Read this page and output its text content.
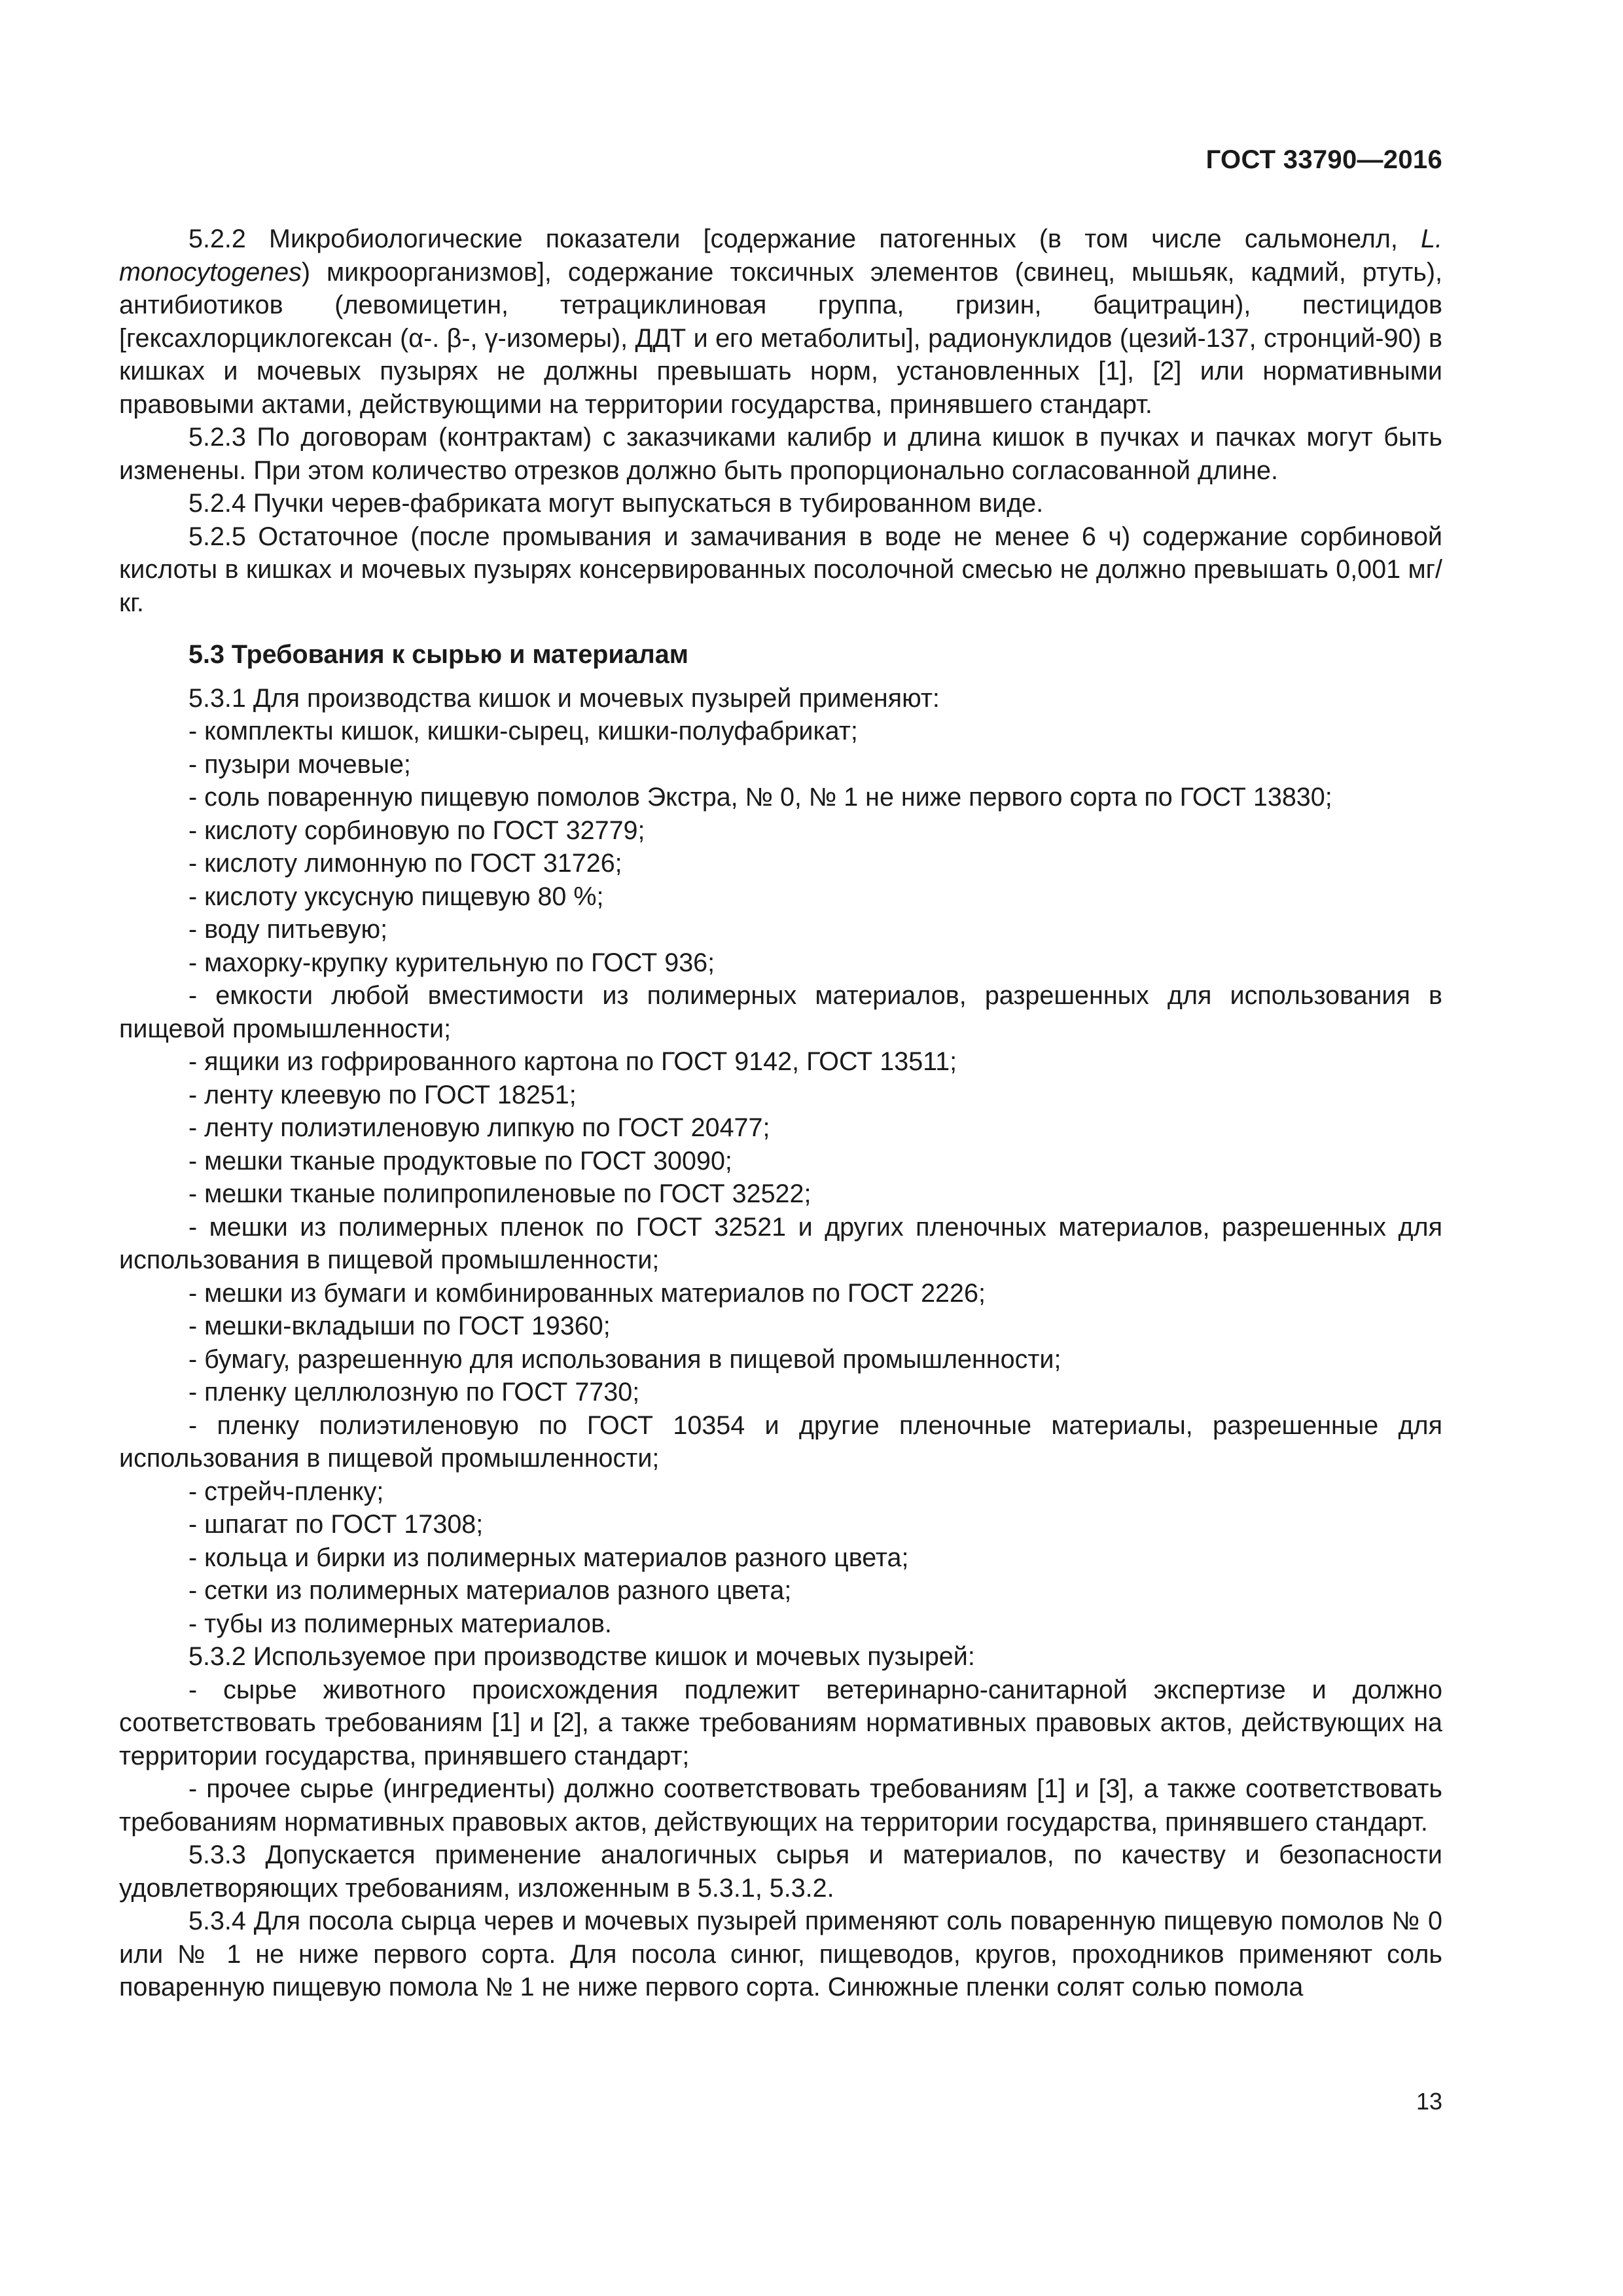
ГОСТ 33790—2016

5.2.2 Микробиологические показатели [содержание патогенных (в том числе сальмонелл, L. monocytogenes) микроорганизмов], содержание токсичных элементов (свинец, мышьяк, кадмий, ртуть), антибиотиков (левомицетин, тетрациклиновая группа, гризин, бацитрацин), пестицидов [гексахлорциклогексан (α-. β-, γ-изомеры), ДДТ и его метаболиты], радионуклидов (цезий-137, стронций-90) в кишках и мочевых пузырях не должны превышать норм, установленных [1], [2] или нормативными правовыми актами, действующими на территории государства, принявшего стандарт.

5.2.3 По договорам (контрактам) с заказчиками калибр и длина кишок в пучках и пачках могут быть изменены. При этом количество отрезков должно быть пропорционально согласованной длине.

5.2.4 Пучки черев-фабриката могут выпускаться в тубированном виде.

5.2.5 Остаточное (после промывания и замачивания в воде не менее 6 ч) содержание сорбиновой кислоты в кишках и мочевых пузырях консервированных посолочной смесью не должно превышать 0,001 мг/кг.

5.3 Требования к сырью и материалам

5.3.1 Для производства кишок и мочевых пузырей применяют:

- комплекты кишок, кишки-сырец, кишки-полуфабрикат;

- пузыри мочевые;

- соль поваренную пищевую помолов Экстра, № 0, № 1 не ниже первого сорта по ГОСТ 13830;

- кислоту сорбиновую по ГОСТ 32779;

- кислоту лимонную по ГОСТ 31726;

- кислоту уксусную пищевую 80 %;

- воду питьевую;

- махорку-крупку курительную по ГОСТ 936;

- емкости любой вместимости из полимерных материалов, разрешенных для использования в пищевой промышленности;

- ящики из гофрированного картона по ГОСТ 9142, ГОСТ 13511;

- ленту клеевую по ГОСТ 18251;

- ленту полиэтиленовую липкую по ГОСТ 20477;

- мешки тканые продуктовые по ГОСТ 30090;

- мешки тканые полипропиленовые по ГОСТ 32522;

- мешки из полимерных пленок по ГОСТ 32521 и других пленочных материалов, разрешенных для использования в пищевой промышленности;

- мешки из бумаги и комбинированных материалов по ГОСТ 2226;

- мешки-вкладыши по ГОСТ 19360;

- бумагу, разрешенную для использования в пищевой промышленности;

- пленку целлюлозную по ГОСТ 7730;

- пленку полиэтиленовую по ГОСТ 10354 и другие пленочные материалы, разрешенные для использования в пищевой промышленности;

- стрейч-пленку;

- шпагат по ГОСТ 17308;

- кольца и бирки из полимерных материалов разного цвета;

- сетки из полимерных материалов разного цвета;

- тубы из полимерных материалов.

5.3.2 Используемое при производстве кишок и мочевых пузырей:

- сырье животного происхождения подлежит ветеринарно-санитарной экспертизе и должно соответствовать требованиям [1] и [2], а также требованиям нормативных правовых актов, действующих на территории государства, принявшего стандарт;

- прочее сырье (ингредиенты) должно соответствовать требованиям [1] и [3], а также соответствовать требованиям нормативных правовых актов, действующих на территории государства, принявшего стандарт.

5.3.3 Допускается применение аналогичных сырья и материалов, по качеству и безопасности удовлетворяющих требованиям, изложенным в 5.3.1, 5.3.2.

5.3.4 Для посола сырца черев и мочевых пузырей применяют соль поваренную пищевую помолов № 0 или № 1 не ниже первого сорта. Для посола синюг, пищеводов, кругов, проходников применяют соль поваренную пищевую помола № 1 не ниже первого сорта. Синюжные пленки солят солью помола

13
